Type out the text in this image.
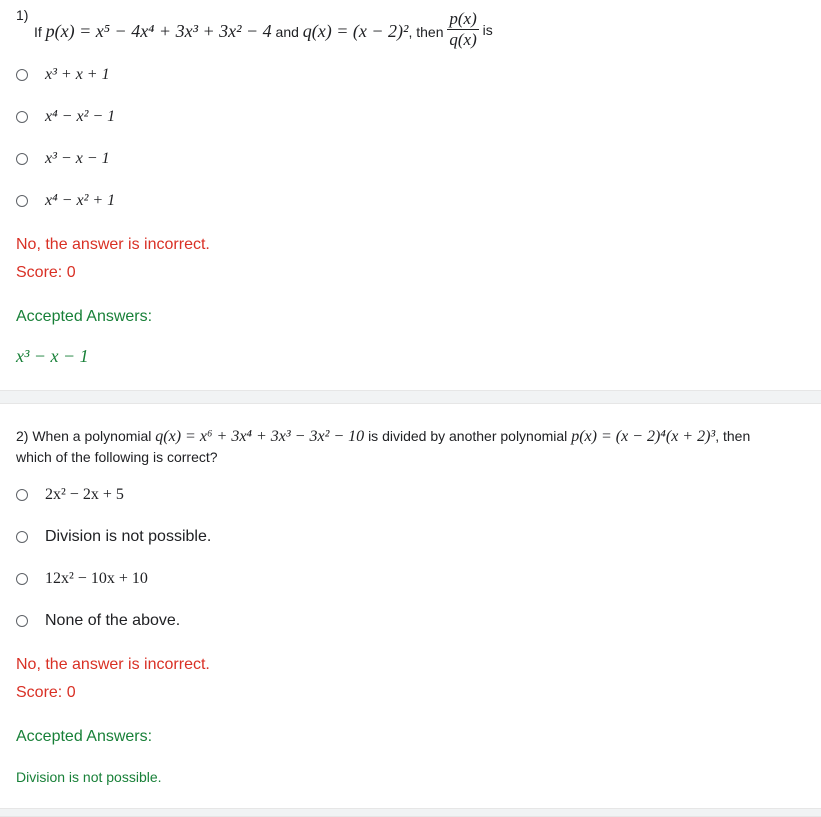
1)
If p(x) = x⁵ − 4x⁴ + 3x³ + 3x² − 4 and q(x) = (x − 2)², then $\frac{p(x)}{q(x)}$ is
x³ + x + 1
x⁴ − x² − 1
x³ − x − 1
x⁴ − x² + 1
No, the answer is incorrect.
Score: 0
Accepted Answers:
x³ − x − 1
2) When a polynomial q(x) = x⁶ + 3x⁴ + 3x³ − 3x² − 10 is divided by another polynomial p(x) = (x − 2)⁴(x + 2)³, then
which of the following is correct?
2x² − 2x + 5
Division is not possible.
12x² − 10x + 10
None of the above.
No, the answer is incorrect.
Score: 0
Accepted Answers:
Division is not possible.
